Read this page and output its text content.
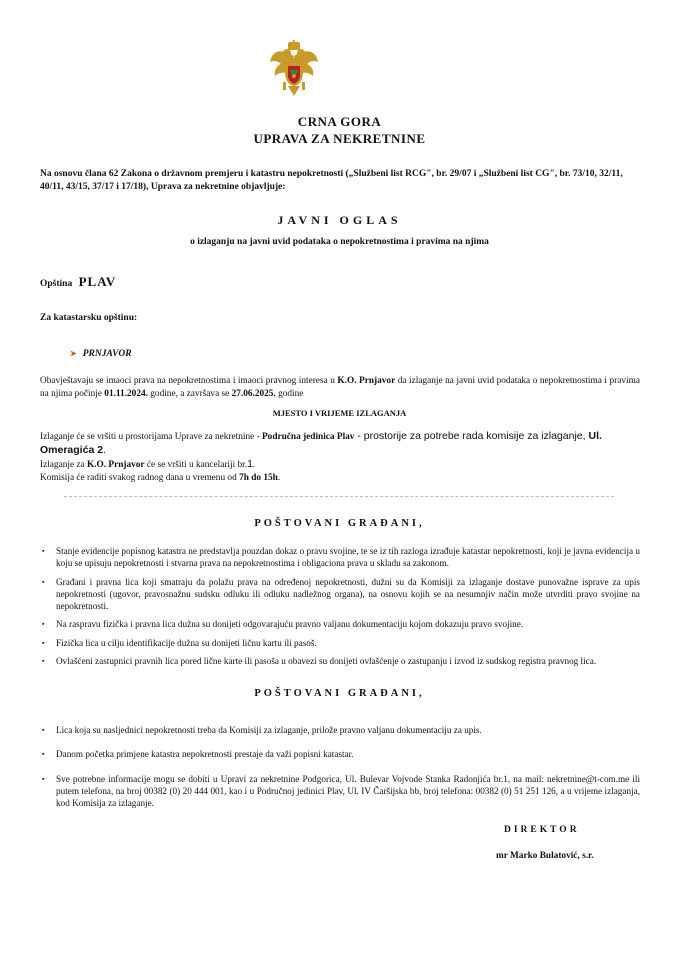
CRNA GORA
UPRAVA ZA NEKRETNINE
Na osnovu člana 62 Zakona o državnom premjeru i katastru nepokretnosti („Službeni list RCG", br. 29/07 i „Službeni list CG", br. 73/10, 32/11, 40/11, 43/15, 37/17 i 17/18), Uprava za nekretnine objavljuje:
JAVNI OGLAS
o izlaganju na javni uvid podataka o nepokretnostima i pravima na njima
Opština PLAV
Za katastarsku opštinu:
➤ PRNJAVOR
Obavještavaju se imaoci prava na nepokretnostima i imaoci pravnog interesa u K.O. Prnjavor da izlaganje na javni uvid podataka o nepokretnostima i pravima na njima počinje 01.11.2024. godine, a završava se 27.06.2025. godine
MJESTO I VRIJEME IZLAGANJA
Izlaganje će se vršiti u prostorijama Uprave za nekretnine - Područna jedinica Plav - prostorije za potrebe rada komisije za izlaganje, Ul. Omeragića 2.
Izlaganje za K.O. Prnjavor će se vršiti u kancelariji br.1.
Komisija će raditi svakog radnog dana u vremenu od 7h do 15h.
POŠTOVANI GRAĐANI,
▪ Stanje evidencije popisnog katastra ne predstavlja pouzdan dokaz o pravu svojine, te se iz tih razloga izrađuje katastar nepokretnosti, koji je javna evidencija u koju se upisuju nepokretnosti i stvarna prava na nepokretnostima i obligaciona prava u skladu sa zakonom.
▪ Građani i pravna lica koji smatraju da polažu prava na određenoj nepokretnosti, dužni su da Komisiji za izlaganje dostave punovažne isprave za upis nepokretnosti (ugovor, pravosnažnu sudsku odluku ili odluku nadležnog organa), na osnovu kojih se na nesumnjiv način može utvrditi pravo svojine na nepokretnosti.
▪ Na raspravu fizička i pravna lica dužna su donijeti odgovarajuću pravno valjanu dokumentaciju kojom dokazuju pravo svojine.
▪ Fizička lica u cilju identifikacije dužna su donijeti ličnu kartu ili pasoš.
▪ Ovlašćeni zastupnici pravnih lica pored lične karte ili pasoša u obavezi su donijeti ovlašćenje o zastupanju i izvod iz sudskog registra pravnog lica.
POŠTOVANI GRAĐANI,
▪ Lica koja su nasljednici nepokretnosti treba da Komisiji za izlaganje, prilože pravno valjanu dokumentaciju za upis.
▪ Danom početka primjene katastra nepokretnosti prestaje da važi popisni katastar.
▪ Sve potrebne informacije mogu se dobiti u Upravi za nekretnine Podgorica, Ul. Bulevar Vojvode Stanka Radonjića br.1, na mail: nekretnine@t-com.me ili putem telefona, na broj 00382 (0) 20 444 001, kao i u Područnoj jedinici Plav, Ul. IV Čaršijska bb, broj telefona: 00382 (0) 51 251 126, a u vrijeme izlaganja, kod Komisija za izlaganje.
DIREKTOR
mr Marko Bulatović, s.r.
